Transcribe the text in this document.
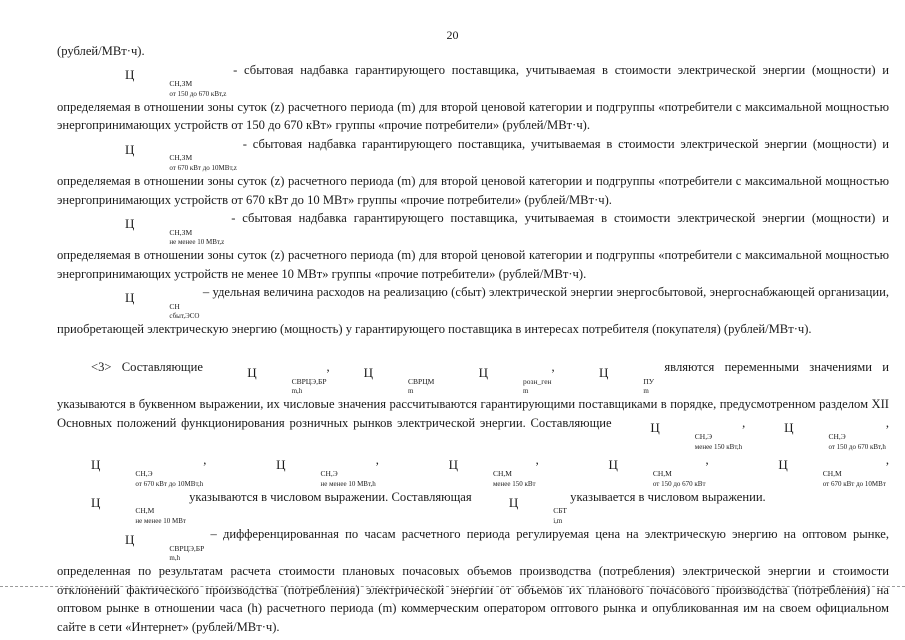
20

(рублей/МВт·ч).

Ц
СН,ЗМ
от 150 до 670 кВт,z
- сбытовая надбавка гарантирующего поставщика, учитываемая в стоимости электрической энергии (мощности) и определяемая в отношении зоны суток (z) расчетного периода (m) для второй ценовой категории и подгруппы «потребители с максимальной мощностью энергопринимающих устройств от 150 до 670 кВт» группы «прочие потребители» (рублей/МВт·ч).

Ц
СН,ЗМ
от 670 кВт до 10МВт,z
- сбытовая надбавка гарантирующего поставщика, учитываемая в стоимости электрической энергии (мощности) и определяемая в отношении зоны суток (z) расчетного периода (m) для второй ценовой категории и подгруппы «потребители с максимальной мощностью энергопринимающих устройств от 670 кВт до 10 МВт» группы «прочие потребители» (рублей/МВт·ч).

Ц
СН,ЗМ
не менее 10 МВт,z
- сбытовая надбавка гарантирующего поставщика, учитываемая в стоимости электрической энергии (мощности) и определяемая в отношении зоны суток (z) расчетного периода (m) для второй ценовой категории и подгруппы «потребители с максимальной мощностью энергопринимающих устройств не менее 10 МВт» группы «прочие потребители» (рублей/МВт·ч).

Ц
СН
сбыт,ЭСО
– удельная величина расходов на реализацию (сбыт) электрической энергии энергосбытовой, энергоснабжающей организации, приобретающей электрическую энергию (мощность) у гарантирующего поставщика в интересах потребителя (покупателя) (рублей/МВт·ч).

<3> Составляющие	Ц
СВРЦЭ,БР
m,h
,	Ц
СВРЦМ
m
Ц
розн_ген
m
,	Ц
ПУ
m
являются переменными значениями и указываются в буквенном выражении, их числовые значения рассчитываются гарантирующими поставщиками в порядке, предусмотренном разделом XII Основных положений функционирования розничных рынков электрической энергии. Составляющие	Ц
СН,Э
менее 150 кВт,h
,	Ц
СН,Э
от 150 до 670 кВт,h
, Ц
СН,Э
от 670 кВт до 10МВт,h
,	Ц
СН,Э
не менее 10 МВт,h
,	Ц
СН,М
менее 150 кВт
,	Ц
СН,М
от 150 до 670 кВт
,	Ц
СН,М
от 670 кВт до 10МВт
, Ц
СН,М
не менее 10 МВт
указываются в числовом выражении. Составляющая	Ц
СБТ
i,m
указывается в числовом выражении.

Ц
СВРЦЭ,БР
m,h
– дифференцированная по часам расчетного периода регулируемая цена на электрическую энергию на оптовом рынке, определенная по результатам расчета стоимости плановых почасовых объемов производства (потребления) электрической энергии и стоимости отклонений фактического производства (потребления) электрической энергии от объемов их планового почасового производства (потребления) на оптовом рынке в отношении часа (h) расчетного периода (m) коммерческим оператором оптового рынка и опубликованная им на своем официальном сайте в сети «Интернет» (рублей/МВт·ч).
